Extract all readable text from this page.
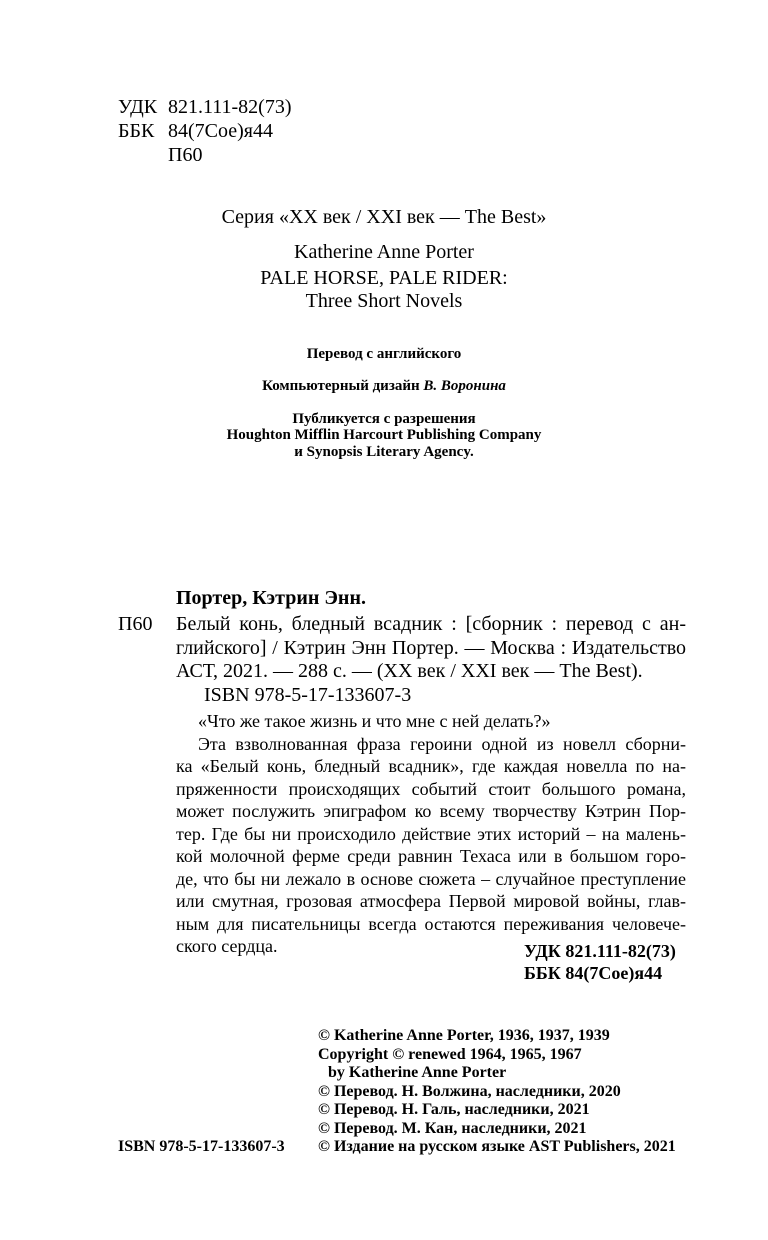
УДК 821.111-82(73)
ББК 84(7Сое)я44
П60
Серия «XX век / XXI век — The Best»
Katherine Anne Porter
PALE HORSE, PALE RIDER:
Three Short Novels
Перевод с английского
Компьютерный дизайн В. Воронина
Публикуется с разрешения
Houghton Mifflin Harcourt Publishing Company
и Synopsis Literary Agency.
Портер, Кэтрин Энн.
П60 Белый конь, бледный всадник : [сборник : перевод с ан-
глийского] / Кэтрин Энн Портер. — Москва : Издательство
АСТ, 2021. — 288 с. — (XX век / XXI век — The Best).
ISBN 978-5-17-133607-3
«Что же такое жизнь и что мне с ней делать?»
Эта взволнованная фраза героини одной из новелл сборни-
ка «Белый конь, бледный всадник», где каждая новелла по на-
пряженности происходящих событий стоит большого романа,
может послужить эпиграфом ко всему творчеству Кэтрин Пор-
тер. Где бы ни происходило действие этих историй – на малень-
кой молочной ферме среди равнин Техаса или в большом горо-
де, что бы ни лежало в основе сюжета – случайное преступление
или смутная, грозовая атмосфера Первой мировой войны, глав-
ным для писательницы всегда остаются переживания человече-
ского сердца.	УДК 821.111-82(73)
ББК 84(7Сое)я44
© Katherine Anne Porter, 1936, 1937, 1939
Copyright © renewed 1964, 1965, 1967
by Katherine Anne Porter
© Перевод. Н. Волжина, наследники, 2020
© Перевод. Н. Галь, наследники, 2021
© Перевод. М. Кан, наследники, 2021
© Издание на русском языке AST Publishers, 2021
ISBN 978-5-17-133607-3
